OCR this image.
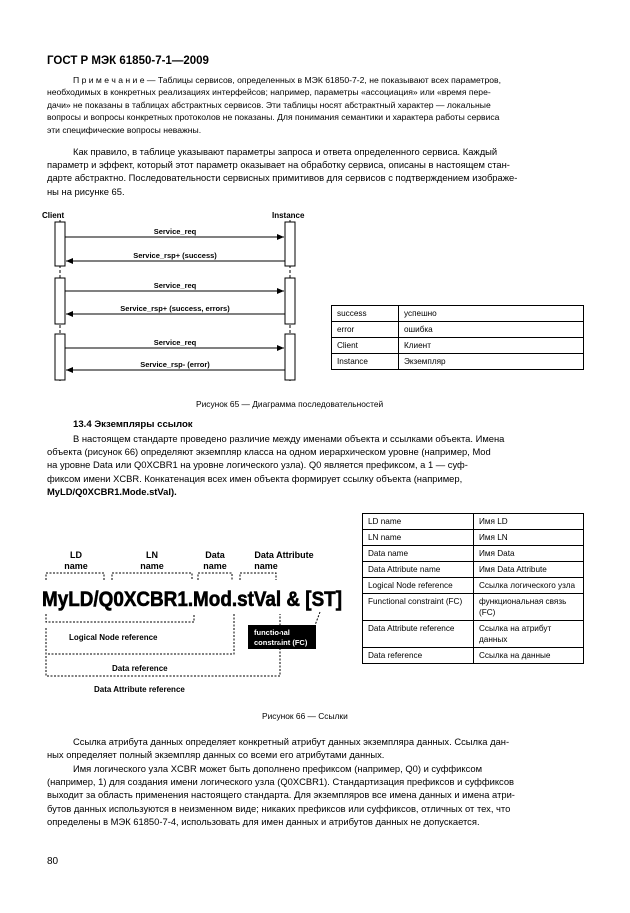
ГОСТ Р МЭК 61850-7-1—2009
П р и м е ч а н и е — Таблицы сервисов, определенных в МЭК 61850-7-2, не показывают всех параметров,
необходимых в конкретных реализациях интерфейсов; например, параметры «ассоциация» или «время пере-
дачи» не показаны в таблицах абстрактных сервисов. Эти таблицы носят абстрактный характер — локальные
вопросы и вопросы конкретных протоколов не показаны. Для понимания семантики и характера работы сервиса
эти специфические вопросы неважны.
Как правило, в таблице указывают параметры запроса и ответа определенного сервиса. Каждый
параметр и эффект, который этот параметр оказывает на обработку сервиса, описаны в настоящем стан-
дарте абстрактно. Последовательности сервисных примитивов для сервисов с подтверждением изображе-
ны на рисунке 65.
Client	Instance
Service_req
Service_rsp+ (success)
Service_req
Service_rsp+ (success, errors)
Service_req
Service_rsp- (error)
success	успешно
error	ошибка
Client	Клиент
Instance	Экземпляр
Рисунок 65 — Диаграмма последовательностей
13.4 Экземпляры ссылок
В настоящем стандарте проведено различие между именами объекта и ссылками объекта. Имена
объекта (рисунок 66) определяют экземпляр класса на одном иерархическом уровне (например, Mod
на уровне Data или Q0XCBR1 на уровне логического узла). Q0 является префиксом, а 1 — суф-
фиксом имени XCBR. Конкатенация всех имен объекта формирует ссылку объекта (например,
MyLD/Q0XCBR1.Mode.stVal).
LD
name
LN
name
Data
name
Data Attribute
name
MyLD/Q0XCBR1.Mod.stVal & [ST]
functional
constraint (FC)
Logical Node reference
Data reference
Data Attribute reference
LD name	Имя LD
LN name	Имя LN
Data name	Имя Data
Data Attribute name	Имя Data Attribute
Logical Node reference	Ссылка логического узла
Functional constraint (FC)	функциональная связь (FC)
Data Attribute reference	Ссылка на атрибут данных
Data reference	Ссылка на данные
Рисунок 66 — Ссылки
Ссылка атрибута данных определяет конкретный атрибут данных экземпляра данных. Ссылка дан-
ных определяет полный экземпляр данных со всеми его атрибутами данных.
Имя логического узла XCBR может быть дополнено префиксом (например, Q0) и суффиксом
(например, 1) для создания имени логического узла (Q0XCBR1). Стандартизация префиксов и суффиксов
выходит за область применения настоящего стандарта. Для экземпляров все имена данных и имена атри-
бутов данных используются в неизменном виде; никаких префиксов или суффиксов, отличных от тех, что
определены в МЭК 61850-7-4, использовать для имен данных и атрибутов данных не допускается.
80
